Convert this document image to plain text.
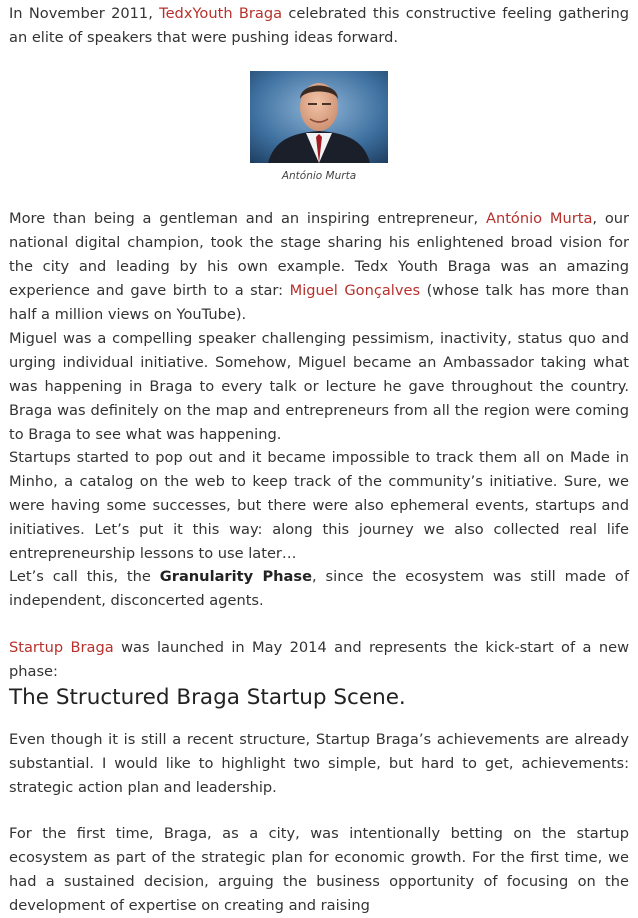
In November 2011, TedxYouth Braga celebrated this constructive feeling gathering an elite of speakers that were pushing ideas forward.

António Murta

More than being a gentleman and an inspiring entrepreneur, António Murta, our national digital champion, took the stage sharing his enlightened broad vision for the city and leading by his own example. Tedx Youth Braga was an amazing experience and gave birth to a star: Miguel Gonçalves (whose talk has more than half a million views on YouTube).

Miguel was a compelling speaker challenging pessimism, inactivity, status quo and urging individual initiative. Somehow, Miguel became an Ambassador taking what was happening in Braga to every talk or lecture he gave throughout the country. Braga was definitely on the map and entrepreneurs from all the region were coming to Braga to see what was happening.

Startups started to pop out and it became impossible to track them all on Made in Minho, a catalog on the web to keep track of the community’s initiative. Sure, we were having some successes, but there were also ephemeral events, startups and initiatives. Let’s put it this way: along this journey we also collected real life entrepreneurship lessons to use later…

Let’s call this, the Granularity Phase, since the ecosystem was still made of independent, disconcerted agents.

Startup Braga was launched in May 2014 and represents the kick-start of a new phase:

The Structured Braga Startup Scene.

Even though it is still a recent structure, Startup Braga’s achievements are already substantial. I would like to highlight two simple, but hard to get, achievements: strategic action plan and leadership.

For the first time, Braga, as a city, was intentionally betting on the startup ecosystem as part of the strategic plan for economic growth. For the first time, we had a sustained decision, arguing the business opportunity of focusing on the development of expertise on creating and raising
